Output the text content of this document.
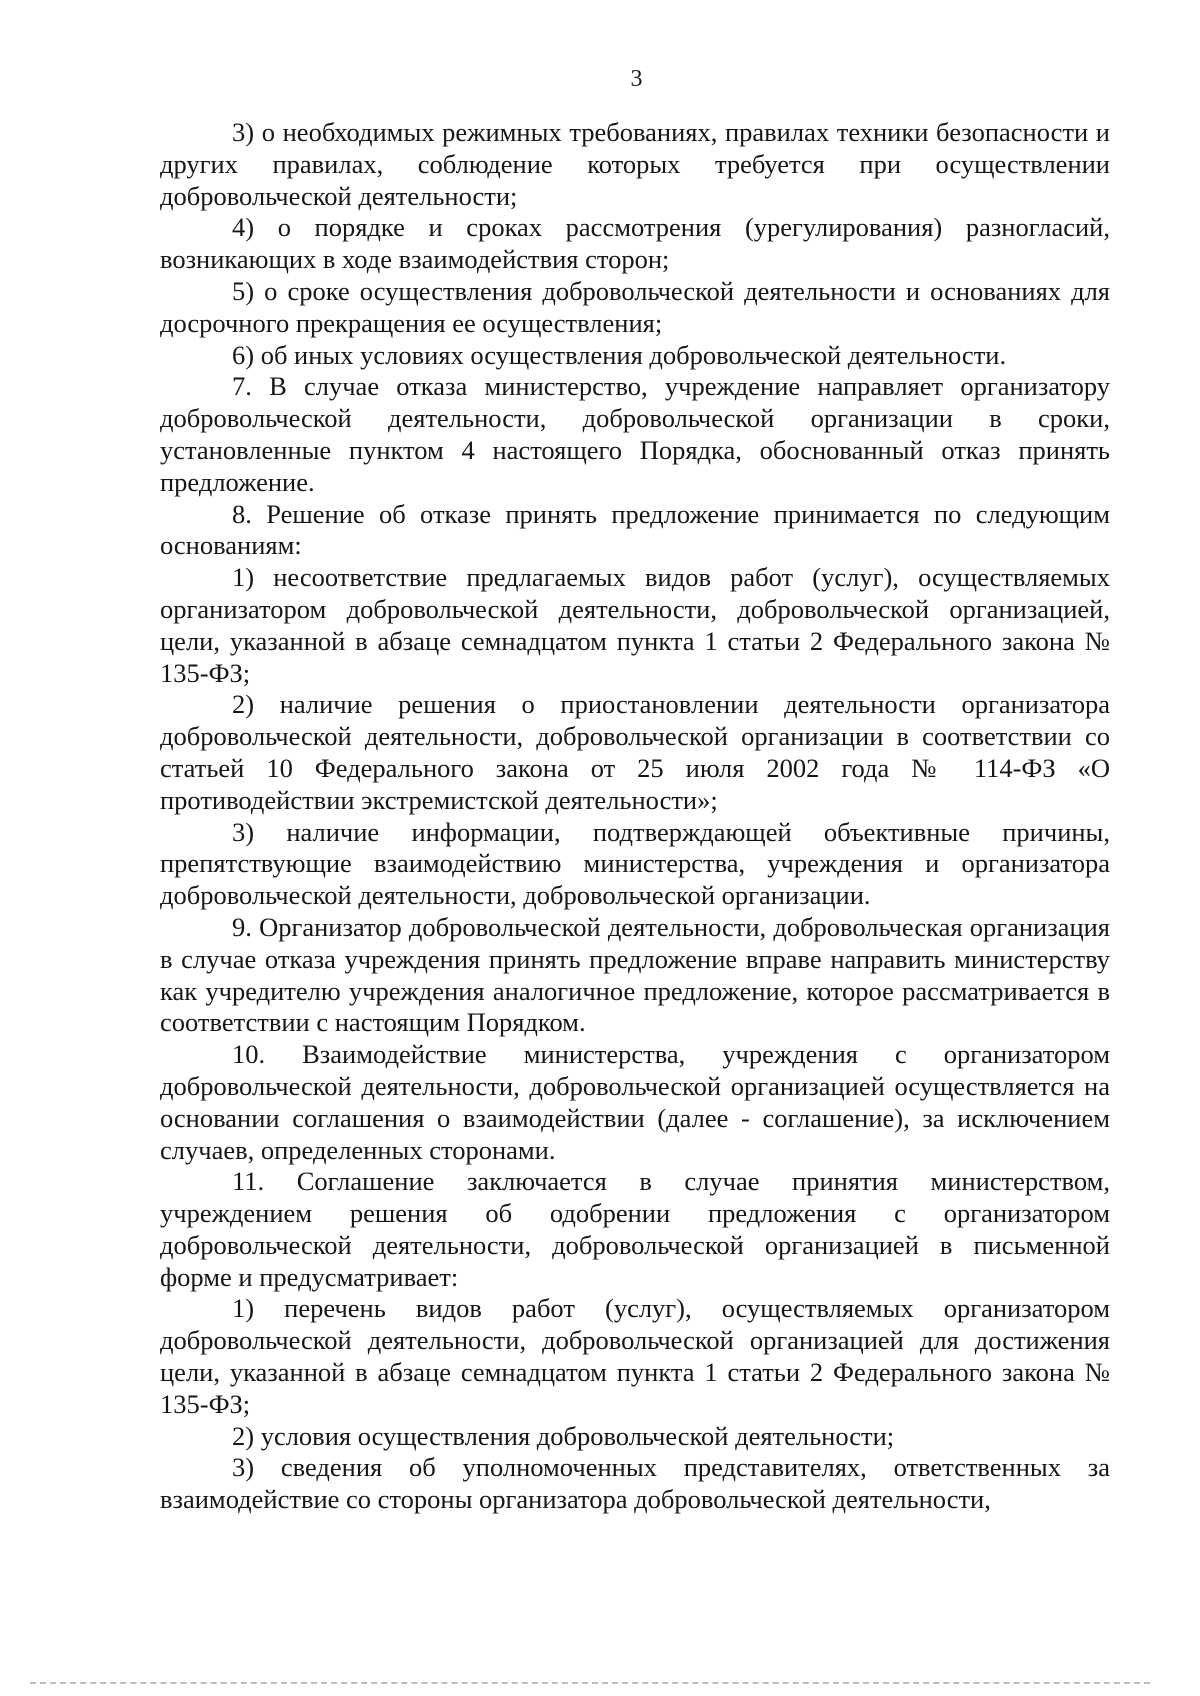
3

3) о необходимых режимных требованиях, правилах техники безопасности и других правилах, соблюдение которых требуется при осуществлении добровольческой деятельности;

4) о порядке и сроках рассмотрения (урегулирования) разногласий, возникающих в ходе взаимодействия сторон;

5) о сроке осуществления добровольческой деятельности и основаниях для досрочного прекращения ее осуществления;

6) об иных условиях осуществления добровольческой деятельности.

7. В случае отказа министерство, учреждение направляет организатору добровольческой деятельности, добровольческой организации в сроки, установленные пунктом 4 настоящего Порядка, обоснованный отказ принять предложение.

8. Решение об отказе принять предложение принимается по следующим основаниям:

1) несоответствие предлагаемых видов работ (услуг), осуществляемых организатором добровольческой деятельности, добровольческой организацией, цели, указанной в абзаце семнадцатом пункта 1 статьи 2 Федерального закона № 135-ФЗ;

2) наличие решения о приостановлении деятельности организатора добровольческой деятельности, добровольческой организации в соответствии со статьей 10 Федерального закона от 25 июля 2002 года № 114-ФЗ «О противодействии экстремистской деятельности»;

3) наличие информации, подтверждающей объективные причины, препятствующие взаимодействию министерства, учреждения и организатора добровольческой деятельности, добровольческой организации.

9. Организатор добровольческой деятельности, добровольческая организация в случае отказа учреждения принять предложение вправе направить министерству как учредителю учреждения аналогичное предложение, которое рассматривается в соответствии с настоящим Порядком.

10. Взаимодействие министерства, учреждения с организатором добровольческой деятельности, добровольческой организацией осуществляется на основании соглашения о взаимодействии (далее - соглашение), за исключением случаев, определенных сторонами.

11. Соглашение заключается в случае принятия министерством, учреждением решения об одобрении предложения с организатором добровольческой деятельности, добровольческой организацией в письменной форме и предусматривает:

1) перечень видов работ (услуг), осуществляемых организатором добровольческой деятельности, добровольческой организацией для достижения цели, указанной в абзаце семнадцатом пункта 1 статьи 2 Федерального закона № 135-ФЗ;

2) условия осуществления добровольческой деятельности;

3) сведения об уполномоченных представителях, ответственных за взаимодействие со стороны организатора добровольческой деятельности,
